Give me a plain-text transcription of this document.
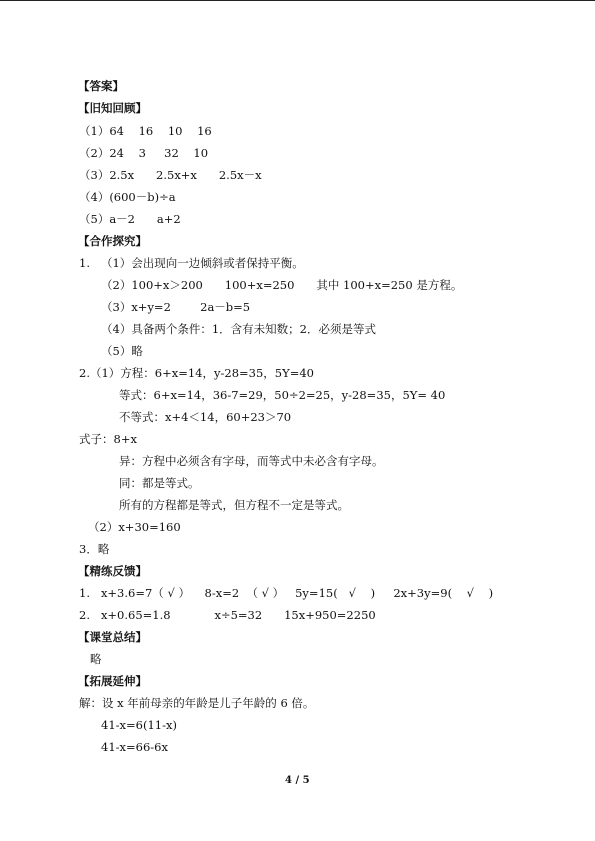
【答案】
【旧知回顾】
（1）64    16    10    16
（2）24    3     32    10
（3）2.5x      2.5x+x      2.5x－x
（4）(600－b)÷a
（5）a－2      a+2
【合作探究】
1.   （1）会出现向一边倾斜或者保持平衡。
（2）100+x＞200      100+x=250      其中 100+x=250 是方程。
（3）x+y=2        2a－b=5
（4）具备两个条件：1．含有未知数；2．必须是等式
（5）略
2.（1）方程：6+x=14，y-28=35，5Y=40
等式：6+x=14，36-7=29，50÷2=25，y-28=35，5Y= 40
不等式：x+4＜14，60+23＞70
式子：8+x
异：方程中必须含有字母，而等式中未必含有字母。
同：都是等式。
所有的方程都是等式，但方程不一定是等式。
（2）x+30=160
3．略
【精练反馈】
1.   x+3.6=7（ √ ）    8-x=2  （ √ ）   5y=15(   √    )     2x+3y=9(    √    )
2.   x+0.65=1.8            x÷5=32      15x+950=2250
【课堂总结】
略
【拓展延伸】
解：设 x 年前母亲的年龄是儿子年龄的 6 倍。
41-x=6(11-x)
41-x=66-6x
4 / 5
